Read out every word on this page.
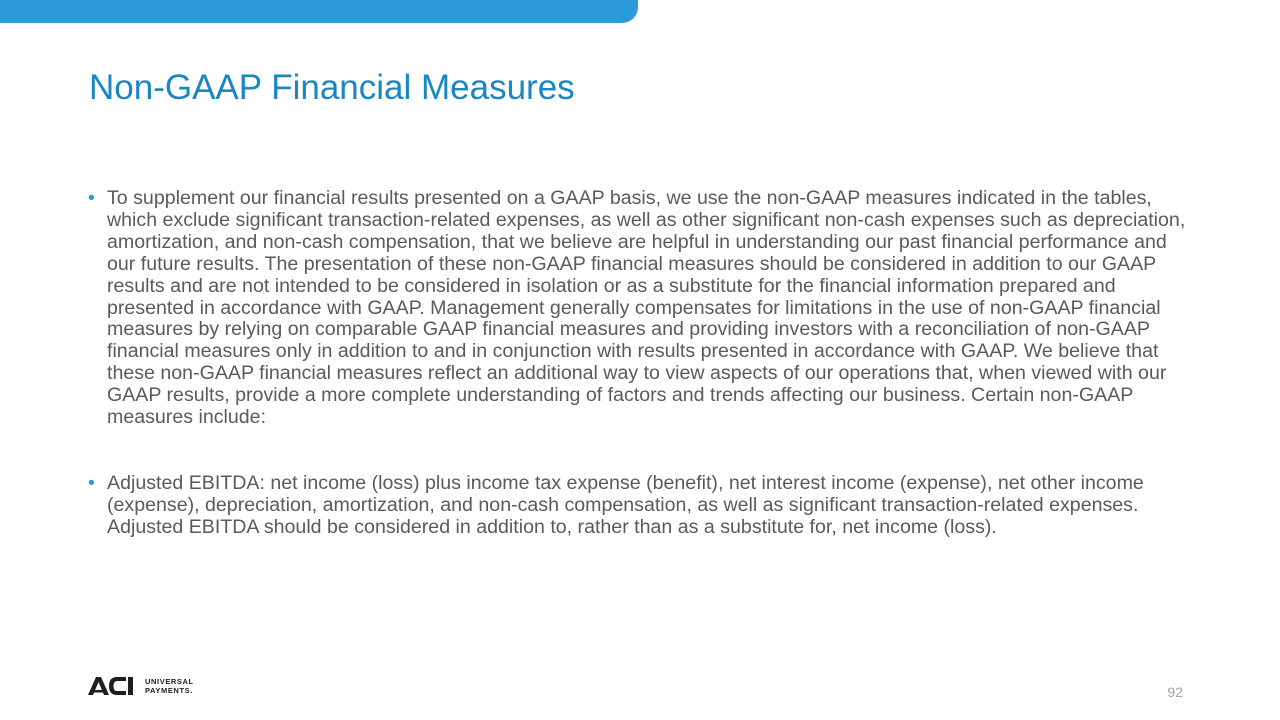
Non-GAAP Financial Measures
• To supplement our financial results presented on a GAAP basis, we use the non-GAAP measures indicated in the tables, which exclude significant transaction-related expenses, as well as other significant non-cash expenses such as depreciation, amortization, and non-cash compensation, that we believe are helpful in understanding our past financial performance and our future results. The presentation of these non-GAAP financial measures should be considered in addition to our GAAP results and are not intended to be considered in isolation or as a substitute for the financial information prepared and presented in accordance with GAAP. Management generally compensates for limitations in the use of non-GAAP financial measures by relying on comparable GAAP financial measures and providing investors with a reconciliation of non-GAAP financial measures only in addition to and in conjunction with results presented in accordance with GAAP. We believe that these non-GAAP financial measures reflect an additional way to view aspects of our operations that, when viewed with our GAAP results, provide a more complete understanding of factors and trends affecting our business. Certain non-GAAP measures include:
• Adjusted EBITDA: net income (loss) plus income tax expense (benefit), net interest income (expense), net other income (expense), depreciation, amortization, and non-cash compensation, as well as significant transaction-related expenses. Adjusted EBITDA should be considered in addition to, rather than as a substitute for, net income (loss).
UNIVERSAL
PAYMENTS.	92
